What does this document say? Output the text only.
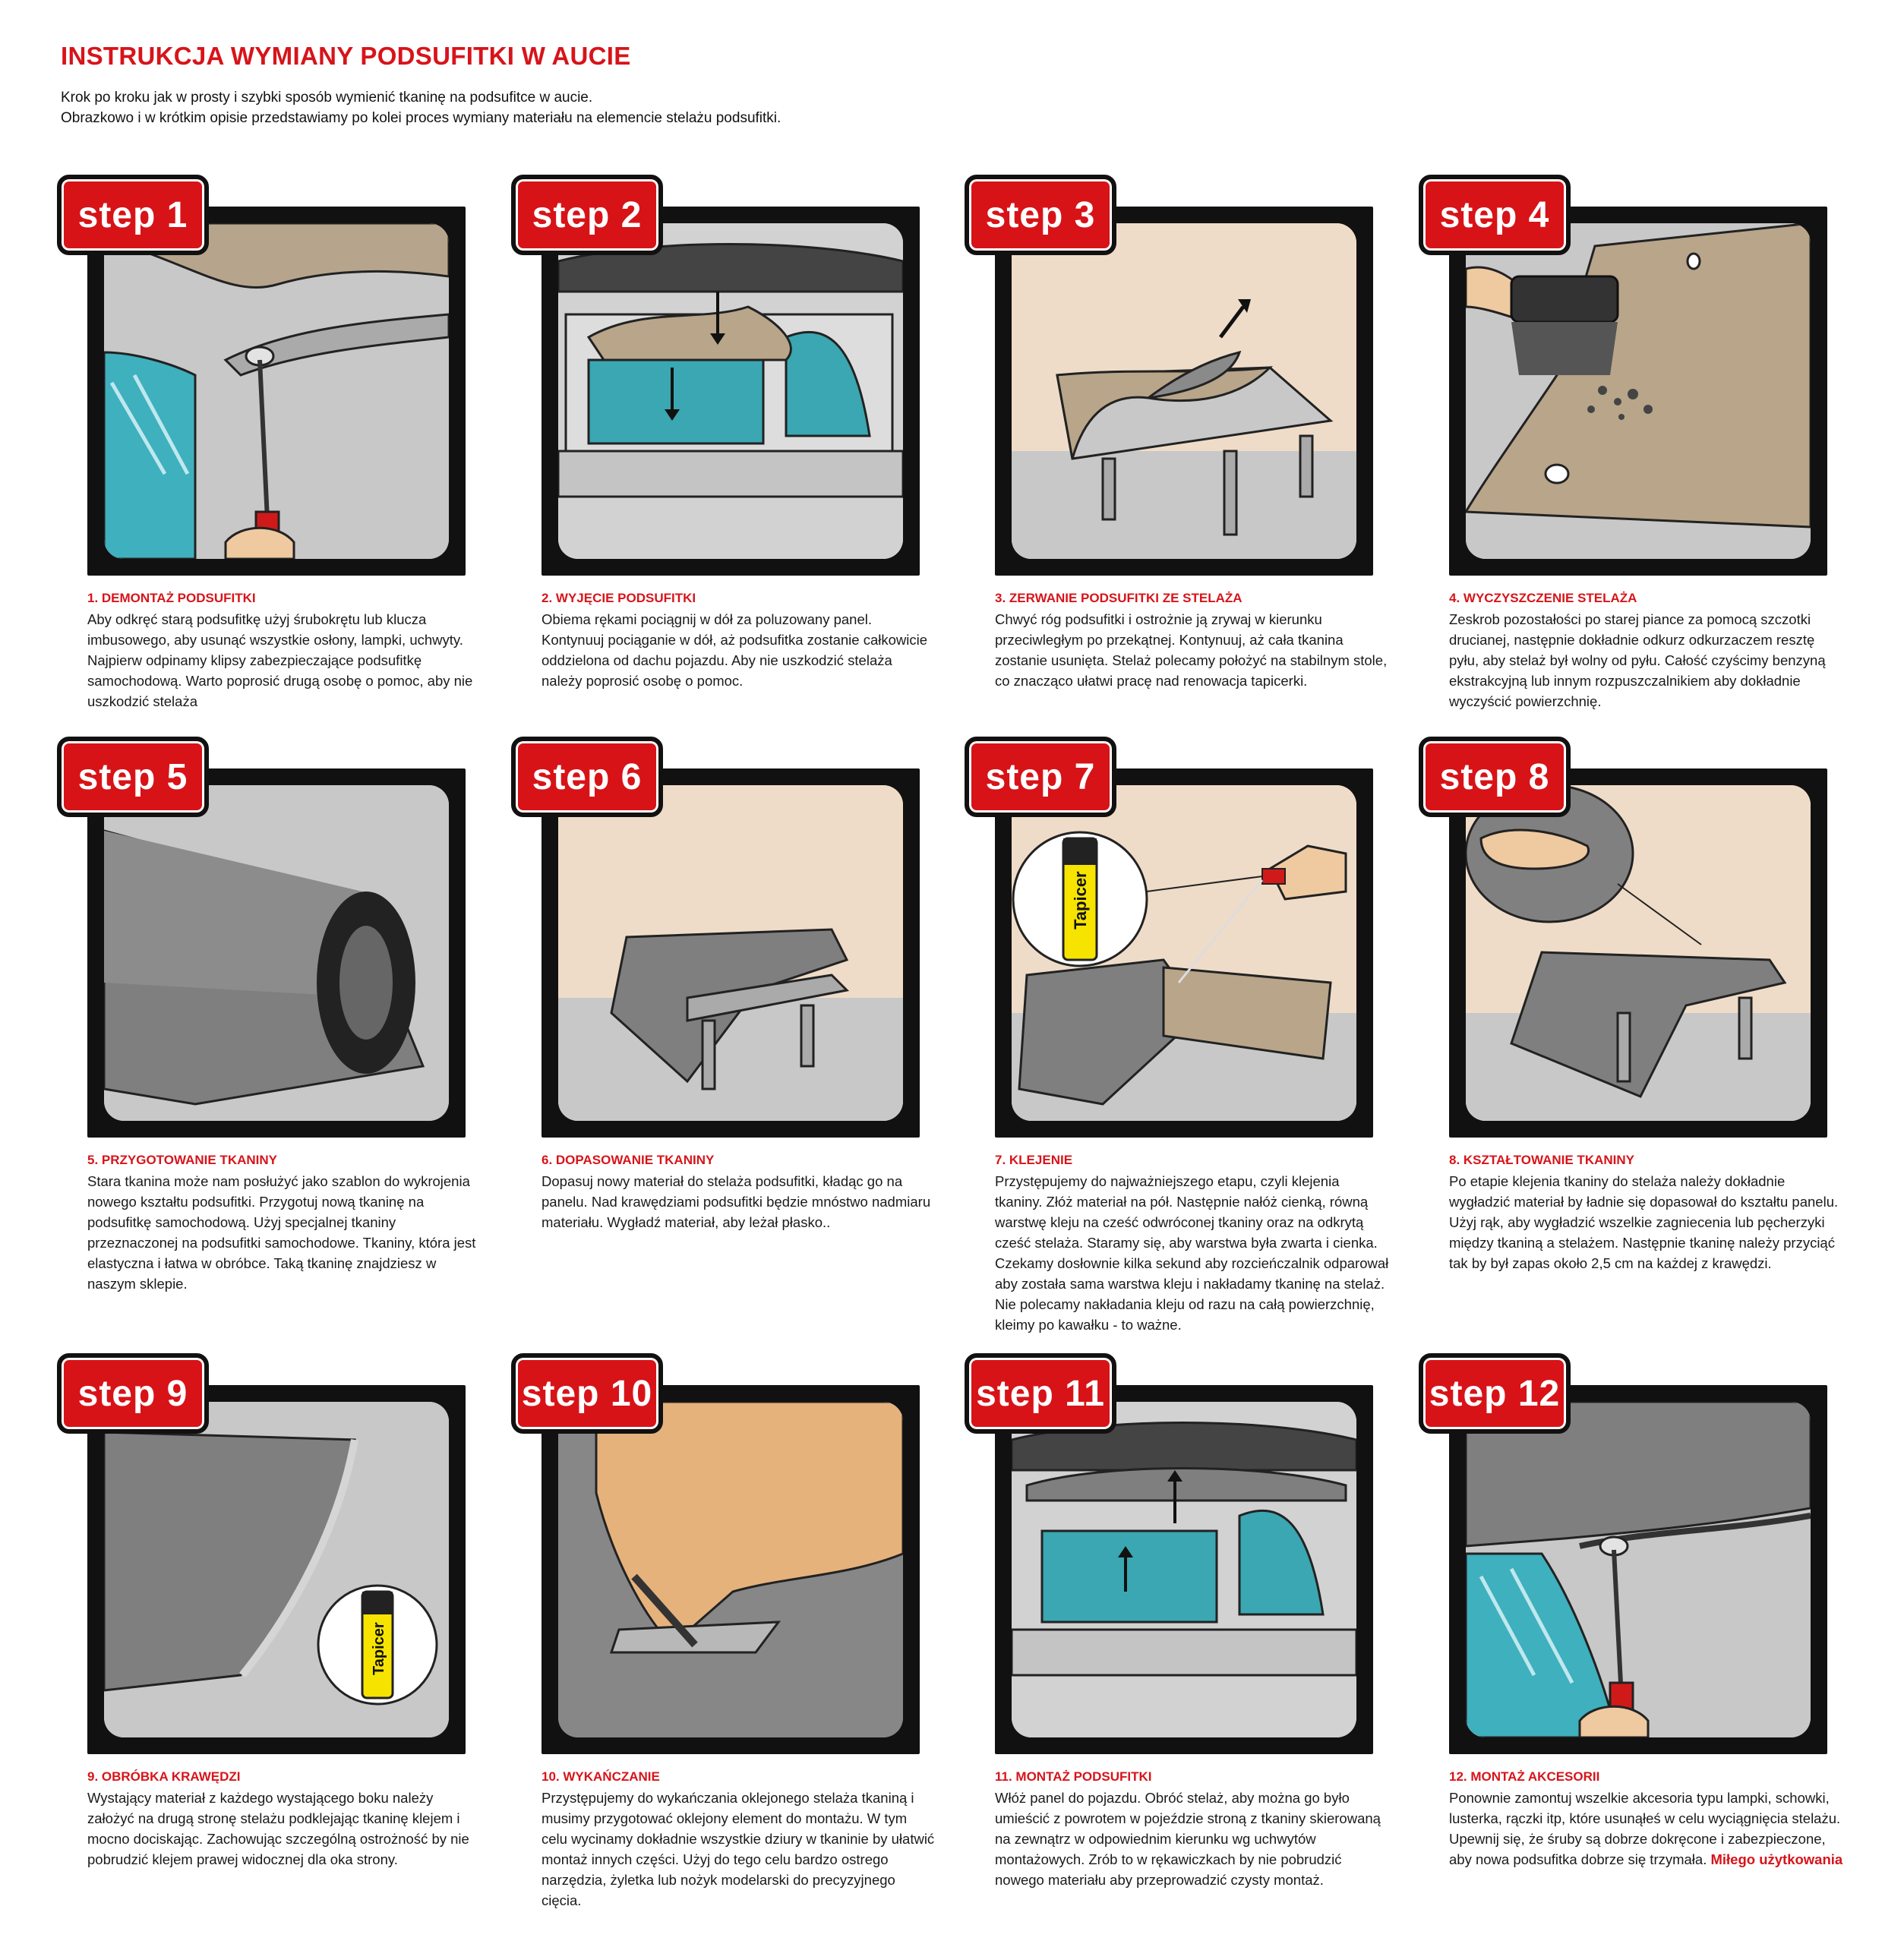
INSTRUKCJA WYMIANY PODSUFITKI W AUCIE
Krok po kroku jak w prosty i szybki sposób wymienić tkaninę na podsufitce w aucie.
Obrazkowo i w krótkim opisie przedstawiamy po kolei proces wymiany materiału na elemencie stelażu podsufitki.
step 1
1. DEMONTAŻ PODSUFITKI

Aby odkręć starą podsufitkę użyj śrubokrętu lub klucza imbusowego, aby usunąć wszystkie osłony, lampki, uchwyty. Najpierw odpinamy klipsy zabezpieczające podsufitkę samochodową. Warto poprosić drugą osobę o pomoc, aby nie uszkodzić stelaża

step 2
2. WYJĘCIE PODSUFITKI

Obiema rękami pociągnij w dół za poluzowany panel. Kontynuuj pociąganie w dół, aż podsufitka zostanie całkowicie oddzielona od dachu pojazdu. Aby nie uszkodzić stelaża należy poprosić osobę o pomoc.

step 3
3. ZERWANIE PODSUFITKI ZE STELAŻA

Chwyć róg podsufitki i ostrożnie ją zrywaj w kierunku przeciwległym po przekątnej. Kontynuuj, aż cała tkanina zostanie usunięta. Stelaż polecamy położyć na stabilnym stole, co znacząco ułatwi pracę nad renowacja tapicerki.

step 4
4. WYCZYSZCZENIE STELAŻA

Zeskrob pozostałości po starej piance za pomocą szczotki drucianej, następnie dokładnie odkurz odkurzaczem resztę pyłu, aby stelaż był wolny od pyłu. Całość czyścimy benzyną ekstrakcyjną lub innym rozpuszczalnikiem aby dokładnie wyczyścić powierzchnię.

step 5
5. PRZYGOTOWANIE TKANINY

Stara tkanina może nam posłużyć jako szablon do wykrojenia nowego kształtu podsufitki. Przygotuj nową tkaninę na podsufitkę samochodową. Użyj specjalnej tkaniny przeznaczonej na podsufitki samochodowe. Tkaniny, która jest elastyczna i łatwa w obróbce. Taką tkaninę znajdziesz w naszym sklepie.

step 6
6. DOPASOWANIE TKANINY

Dopasuj nowy materiał do stelaża podsufitki, kładąc go na panelu. Nad krawędziami podsufitki będzie mnóstwo nadmiaru materiału. Wygładź materiał, aby leżał płasko..

Tapicer
step 7
7. KLEJENIE

Przystępujemy do najważniejszego etapu, czyli klejenia tkaniny. Złóż materiał na pół. Następnie nałóż cienką, równą warstwę kleju na cześć odwróconej tkaniny oraz na odkrytą cześć stelaża. Staramy się, aby warstwa była zwarta i cienka. Czekamy dosłownie kilka sekund aby rozcieńczalnik odparował aby została sama warstwa kleju i nakładamy tkaninę na stelaż. Nie polecamy nakładania kleju od razu na całą powierzchnię, kleimy po kawałku - to ważne.

step 8
8. KSZTAŁTOWANIE TKANINY

Po etapie klejenia tkaniny do stelaża należy dokładnie wygładzić materiał by ładnie się dopasował do kształtu panelu. Użyj rąk, aby wygładzić wszelkie zagniecenia lub pęcherzyki między tkaniną a stelażem. Następnie tkaninę należy przyciąć tak by był zapas około 2,5 cm na każdej z krawędzi.

Tapicer
step 9
9. OBRÓBKA KRAWĘDZI

Wystający materiał z każdego wystającego boku należy założyć na drugą stronę stelażu podklejając tkaninę klejem i mocno dociskając. Zachowując szczególną ostrożność by nie pobrudzić klejem prawej widocznej dla oka strony.

step 10
10. WYKAŃCZANIE

Przystępujemy do wykańczania oklejonego stelaża tkaniną i musimy przygotować oklejony element do montażu. W tym celu wycinamy dokładnie wszystkie dziury w tkaninie by ułatwić montaż innych części. Użyj do tego celu bardzo ostrego narzędzia, żyletka lub nożyk modelarski do precyzyjnego cięcia.

step 11
11. MONTAŻ PODSUFITKI

Włóż panel do pojazdu. Obróć stelaż, aby można go było umieścić z powrotem w pojeździe stroną z tkaniny skierowaną na zewnątrz w odpowiednim kierunku wg uchwytów montażowych. Zrób to w rękawiczkach by nie pobrudzić nowego materiału aby przeprowadzić czysty montaż.

step 12
12. MONTAŻ AKCESORII

Ponownie zamontuj wszelkie akcesoria typu lampki, schowki, lusterka, rączki itp, które usunąłeś w celu wyciągnięcia stelażu. Upewnij się, że śruby są dobrze dokręcone i zabezpieczone, aby nowa podsufitka dobrze się trzymała. Miłego użytkowania
